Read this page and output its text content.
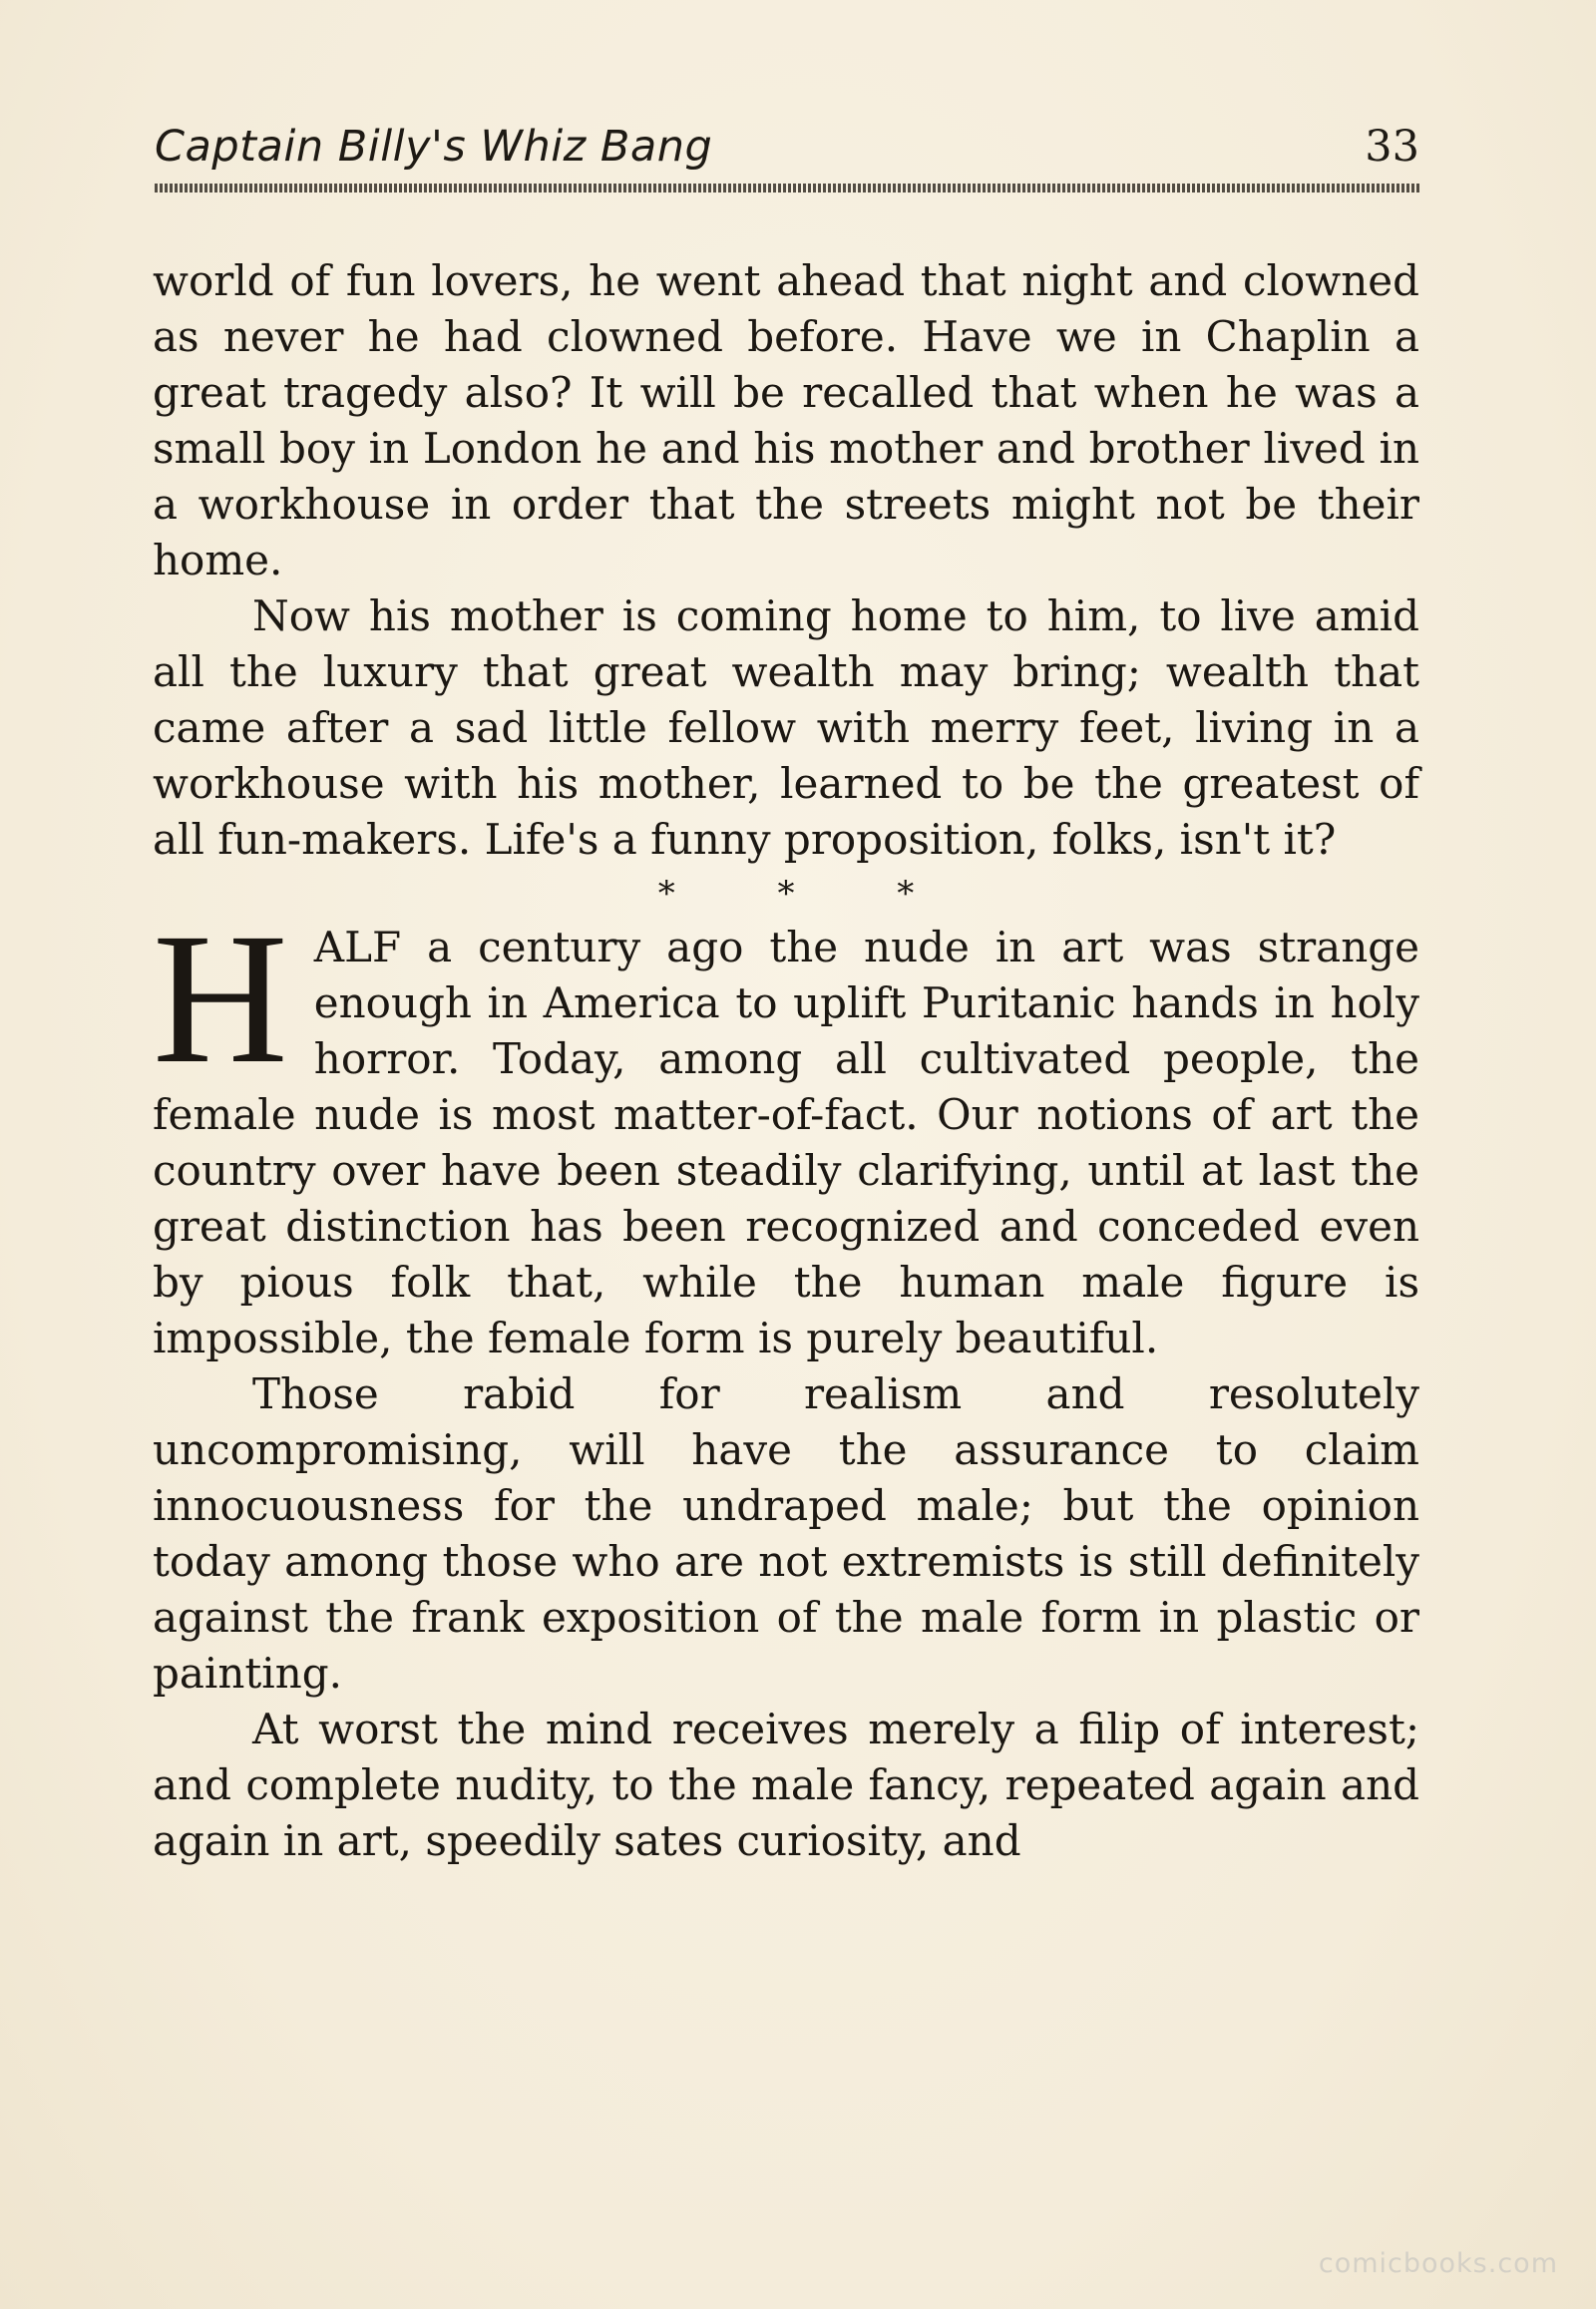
Captain Billy's Whiz Bang	33

world of fun lovers, he went ahead that night and clowned as never he had clowned before. Have we in Chaplin a great tragedy also? It will be recalled that when he was a small boy in London he and his mother and brother lived in a workhouse in order that the streets might not be their home.

Now his mother is coming home to him, to live amid all the luxury that great wealth may bring; wealth that came after a sad little fellow with merry feet, living in a workhouse with his mother, learned to be the greatest of all fun-makers. Life's a funny proposition, folks, isn't it?

* * *

HALF a century ago the nude in art was strange enough in America to uplift Puritanic hands in holy horror. Today, among all cultivated people, the female nude is most matter-of-fact. Our notions of art the country over have been steadily clarifying, until at last the great distinction has been recognized and conceded even by pious folk that, while the human male figure is impossible, the female form is purely beautiful.

Those rabid for realism and resolutely uncompromising, will have the assurance to claim innocuousness for the undraped male; but the opinion today among those who are not extremists is still definitely against the frank exposition of the male form in plastic or painting.

At worst the mind receives merely a filip of interest; and complete nudity, to the male fancy, repeated again and again in art, speedily sates curiosity, and

comicbooks.com
